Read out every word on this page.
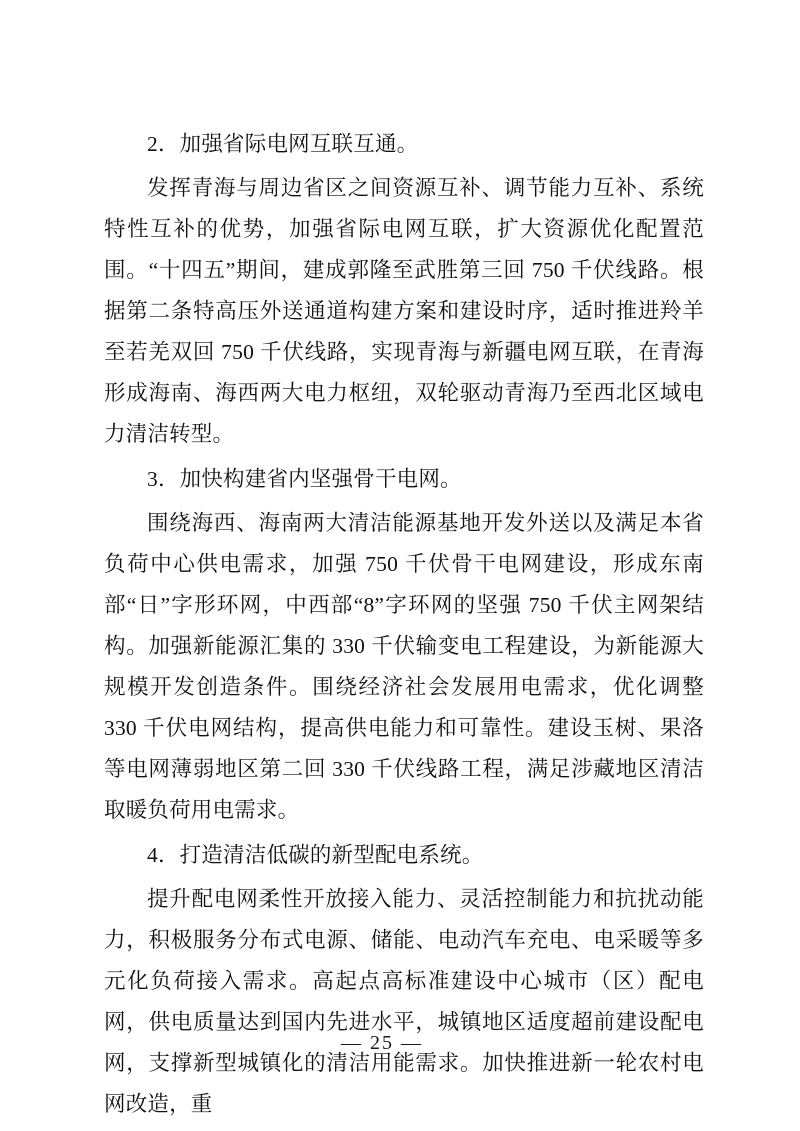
2．加强省际电网互联互通。

发挥青海与周边省区之间资源互补、调节能力互补、系统特性互补的优势，加强省际电网互联，扩大资源优化配置范围。“十四五”期间，建成郭隆至武胜第三回 750 千伏线路。根据第二条特高压外送通道构建方案和建设时序，适时推进羚羊至若羌双回 750 千伏线路，实现青海与新疆电网互联，在青海形成海南、海西两大电力枢纽，双轮驱动青海乃至西北区域电力清洁转型。

3．加快构建省内坚强骨干电网。

围绕海西、海南两大清洁能源基地开发外送以及满足本省负荷中心供电需求，加强 750 千伏骨干电网建设，形成东南部“日”字形环网，中西部“8”字环网的坚强 750 千伏主网架结构。加强新能源汇集的 330 千伏输变电工程建设，为新能源大规模开发创造条件。围绕经济社会发展用电需求，优化调整 330 千伏电网结构，提高供电能力和可靠性。建设玉树、果洛等电网薄弱地区第二回 330 千伏线路工程，满足涉藏地区清洁取暖负荷用电需求。

4．打造清洁低碳的新型配电系统。

提升配电网柔性开放接入能力、灵活控制能力和抗扰动能力，积极服务分布式电源、储能、电动汽车充电、电采暖等多元化负荷接入需求。高起点高标准建设中心城市（区）配电网，供电质量达到国内先进水平，城镇地区适度超前建设配电网，支撑新型城镇化的清洁用能需求。加快推进新一轮农村电网改造，重

— 25 —
